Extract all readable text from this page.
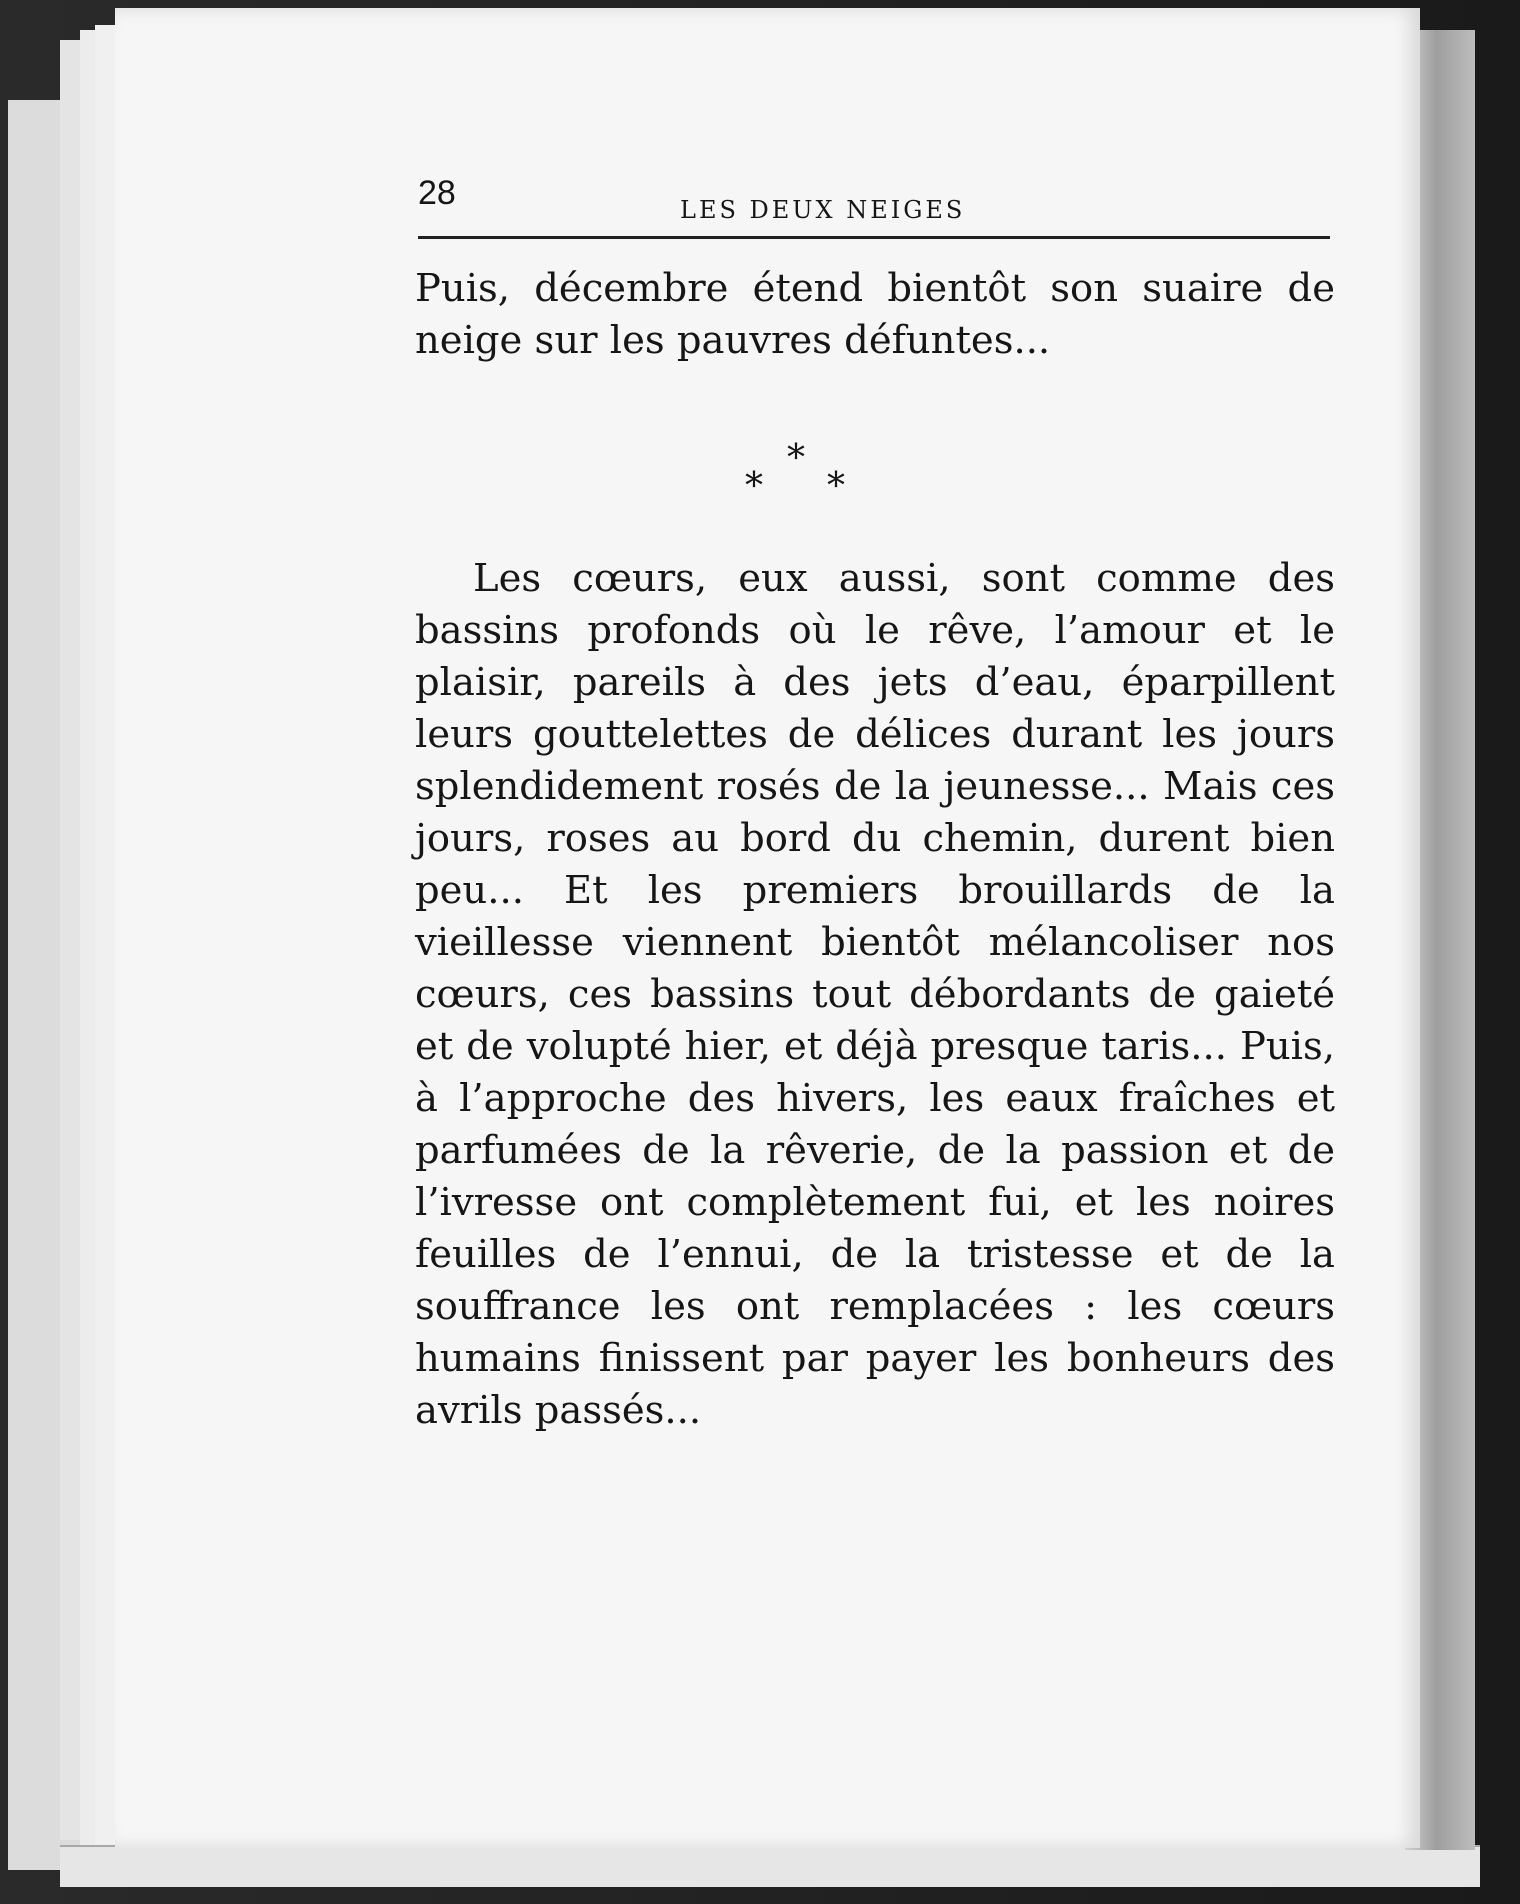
28	LES DEUX NEIGES

Puis, décembre étend bientôt son suaire de neige sur les pauvres défuntes...

*
* *

Les cœurs, eux aussi, sont comme des bassins profonds où le rêve, l’amour et le plaisir, pareils à des jets d’eau, éparpillent leurs gouttelettes de délices durant les jours splendidement rosés de la jeunesse... Mais ces jours, roses au bord du chemin, durent bien peu... Et les premiers brouillards de la vieillesse viennent bientôt mélancoliser nos cœurs, ces bassins tout débordants de gaieté et de volupté hier, et déjà presque taris... Puis, à l’approche des hivers, les eaux fraîches et parfumées de la rêverie, de la passion et de l’ivresse ont complètement fui, et les noires feuilles de l’ennui, de la tristesse et de la souffrance les ont remplacées : les cœurs humains finissent par payer les bonheurs des avrils passés...
